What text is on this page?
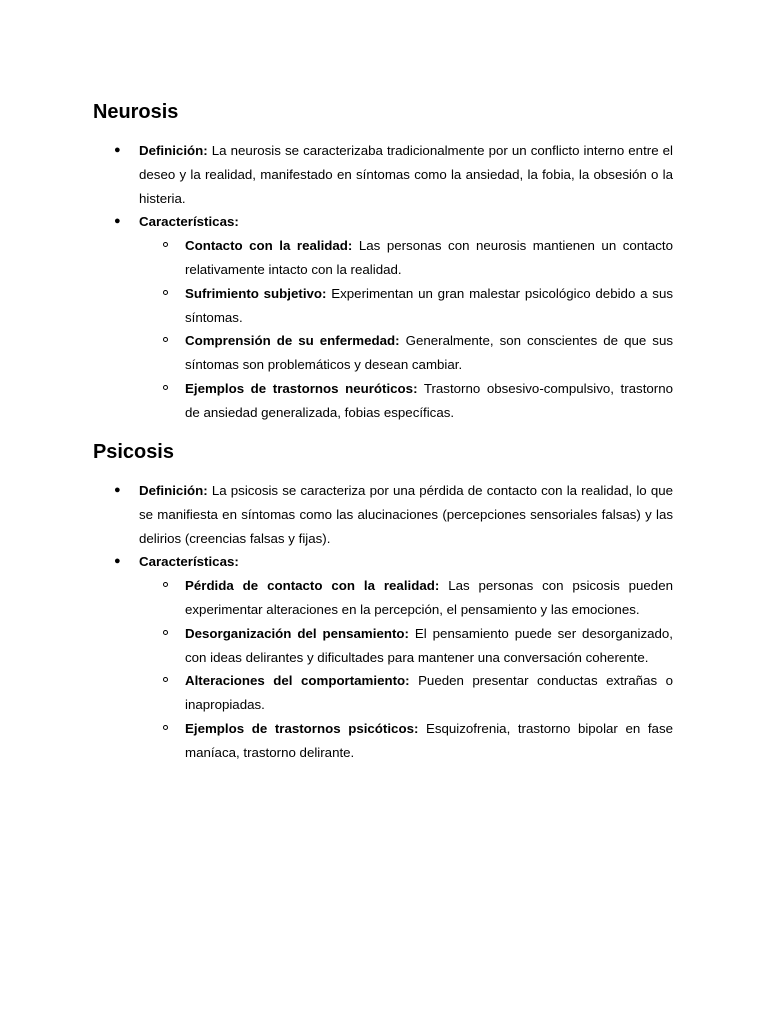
Neurosis
● Definición: La neurosis se caracterizaba tradicionalmente por un conflicto interno entre el deseo y la realidad, manifestado en síntomas como la ansiedad, la fobia, la obsesión o la histeria.
● Características:
Contacto con la realidad: Las personas con neurosis mantienen un contacto relativamente intacto con la realidad.
Sufrimiento subjetivo: Experimentan un gran malestar psicológico debido a sus síntomas.
Comprensión de su enfermedad: Generalmente, son conscientes de que sus síntomas son problemáticos y desean cambiar.
Ejemplos de trastornos neuróticos: Trastorno obsesivo-compulsivo, trastorno de ansiedad generalizada, fobias específicas.
Psicosis
● Definición: La psicosis se caracteriza por una pérdida de contacto con la realidad, lo que se manifiesta en síntomas como las alucinaciones (percepciones sensoriales falsas) y las delirios (creencias falsas y fijas).
● Características:
Pérdida de contacto con la realidad: Las personas con psicosis pueden experimentar alteraciones en la percepción, el pensamiento y las emociones.
Desorganización del pensamiento: El pensamiento puede ser desorganizado, con ideas delirantes y dificultades para mantener una conversación coherente.
Alteraciones del comportamiento: Pueden presentar conductas extrañas o inapropiadas.
Ejemplos de trastornos psicóticos: Esquizofrenia, trastorno bipolar en fase maníaca, trastorno delirante.
